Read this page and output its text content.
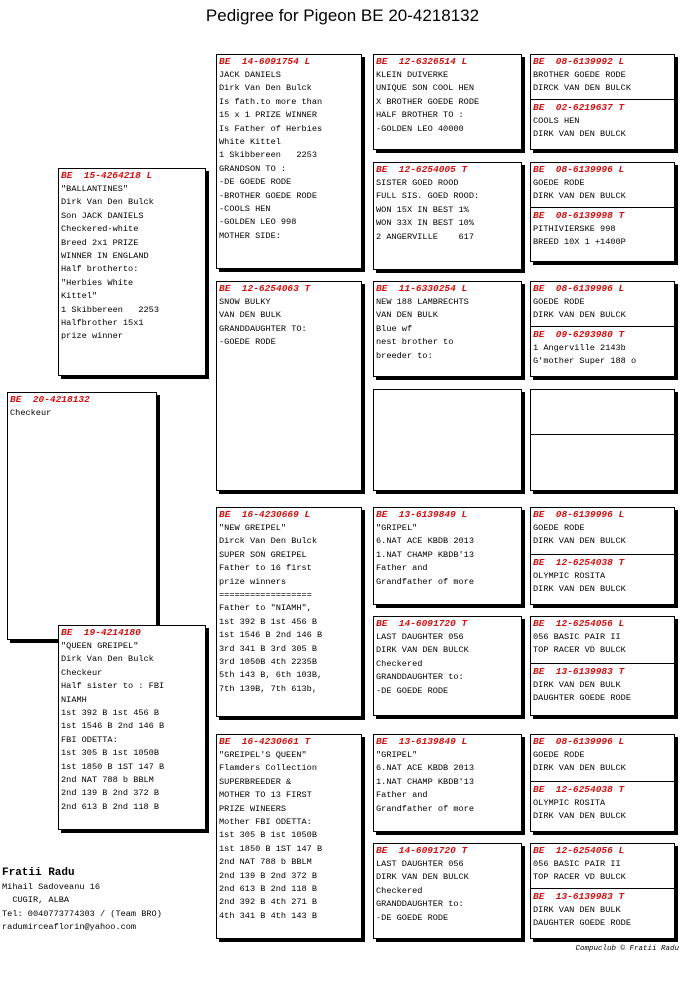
Pedigree for Pigeon BE 20-4218132
BE  20-4218132
Checkeur
BE  15-4264218 L
"BALLANTINES"
Dirk Van Den Bulck
Son JACK DANIELS
Checkered-white
Breed 2x1 PRIZE
WINNER IN ENGLAND
Half brotherto:
"Herbies White
Kittel"
1 Skibbereen   2253
Halfbrother 15x1
prize winner
BE  19-4214180
"QUEEN GREIPEL"
Dirk Van Den Bulck
Checkeur
Half sister to : FBI
NIAMH
1st 392 B 1st 456 B
1st 1546 B 2nd 146 B
FBI ODETTA:
1st 305 B 1st 1050B
1st 1850 B 1ST 147 B
2nd NAT 788 b BBLM
2nd 139 B 2nd 372 B
2nd 613 B 2nd 118 B
BE  14-6091754 L
JACK DANIELS
Dirk Van Den Bulck
Is fath.to more than
15 x 1 PRIZE WINNER
Is Father of Herbies
White Kittel
1 Skibbereen   2253
GRANDSON TO :
-DE GOEDE RODE
-BROTHER GOEDE RODE
-COOLS HEN
-GOLDEN LEO 998
MOTHER SIDE:
BE  12-6254063 T
SNOW BULKY
VAN DEN BULK
GRANDDAUGHTER TO:
-GOEDE RODE
BE  16-4230669 L
"NEW GREIPEL"
Dirck Van Den Bulck
SUPER SON GREIPEL
Father to 16 first
prize winners
==================
Father to "NIAMH",
1st 392 B 1st 456 B
1st 1546 B 2nd 146 B
3rd 341 B 3rd 305 B
3rd 1050B 4th 2235B
5th 143 B, 6th 103B,
7th 139B, 7th 613b,
BE  16-4230661 T
"GREIPEL'S QUEEN"
Flamders Collection
SUPERBREEDER &
MOTHER TO 13 FIRST
PRIZE WINEERS
Mother FBI ODETTA:
1st 305 B 1st 1050B
1st 1850 B 1ST 147 B
2nd NAT 788 b BBLM
2nd 139 B 2nd 372 B
2nd 613 B 2nd 118 B
2nd 392 B 4th 271 B
4th 341 B 4th 143 B
BE  12-6326514 L
KLEIN DUIVERKE
UNIQUE SON COOL HEN
X BROTHER GOEDE RODE
HALF BROTHER TO :
-GOLDEN LEO 40000
BE  12-6254005 T
SISTER GOED ROOD
FULL SIS. GOED ROOD:
WON 15X IN BEST 1%
WON 33X IN BEST 10%
2 ANGERVILLE    617
BE  11-6330254 L
NEW 188 LAMBRECHTS
VAN DEN BULK
Blue wf
nest brother to
breeder to:
BE  13-6139849 L
"GRIPEL"
6.NAT ACE KBDB 2013
1.NAT CHAMP KBDB'13
Father and
Grandfather of more
BE  14-6091720 T
LAST DAUGHTER 056
DIRK VAN DEN BULCK
Checkered
GRANDDAUGHTER to:
-DE GOEDE RODE
BE  13-6139849 L
"GRIPEL"
6.NAT ACE KBDB 2013
1.NAT CHAMP KBDB'13
Father and
Grandfather of more
BE  14-6091720 T
LAST DAUGHTER 056
DIRK VAN DEN BULCK
Checkered
GRANDDAUGHTER to:
-DE GOEDE RODE
BE  08-6139992 L
BROTHER GOEDE RODE
DIRCK VAN DEN BULCK
BE  02-6219637 T
COOLS HEN
DIRK VAN DEN BULCK
BE  08-6139996 L
GOEDE RODE
DIRK VAN DEN BULCK
BE  08-6139998 T
PITHIVIERSKE 998
BREED 10X 1 +1400P
BE  08-6139996 L
GOEDE RODE
DIRK VAN DEN BULCK
BE  09-6293980 T
1 Angerville 2143b
G'mother Super 188 o
BE  08-6139996 L
GOEDE RODE
DIRK VAN DEN BULCK
BE  12-6254038 T
OLYMPIC ROSITA
DIRK VAN DEN BULCK
BE  12-6254056 L
056 BASIC PAIR II
TOP RACER VD BULCK
BE  13-6139983 T
DIRK VAN DEN BULK
DAUGHTER GOEDE RODE
BE  08-6139996 L
GOEDE RODE
DIRK VAN DEN BULCK
BE  12-6254038 T
OLYMPIC ROSITA
DIRK VAN DEN BULCK
BE  12-6254056 L
056 BASIC PAIR II
TOP RACER VD BULCK
BE  13-6139983 T
DIRK VAN DEN BULK
DAUGHTER GOEDE RODE
Fratii Radu
Mihail Sadoveanu 16
CUGIR, ALBA
Tel: 0040773774303 / (Team BRO)
radumirceaflorin@yahoo.com
Compuclub © Fratii Radu
